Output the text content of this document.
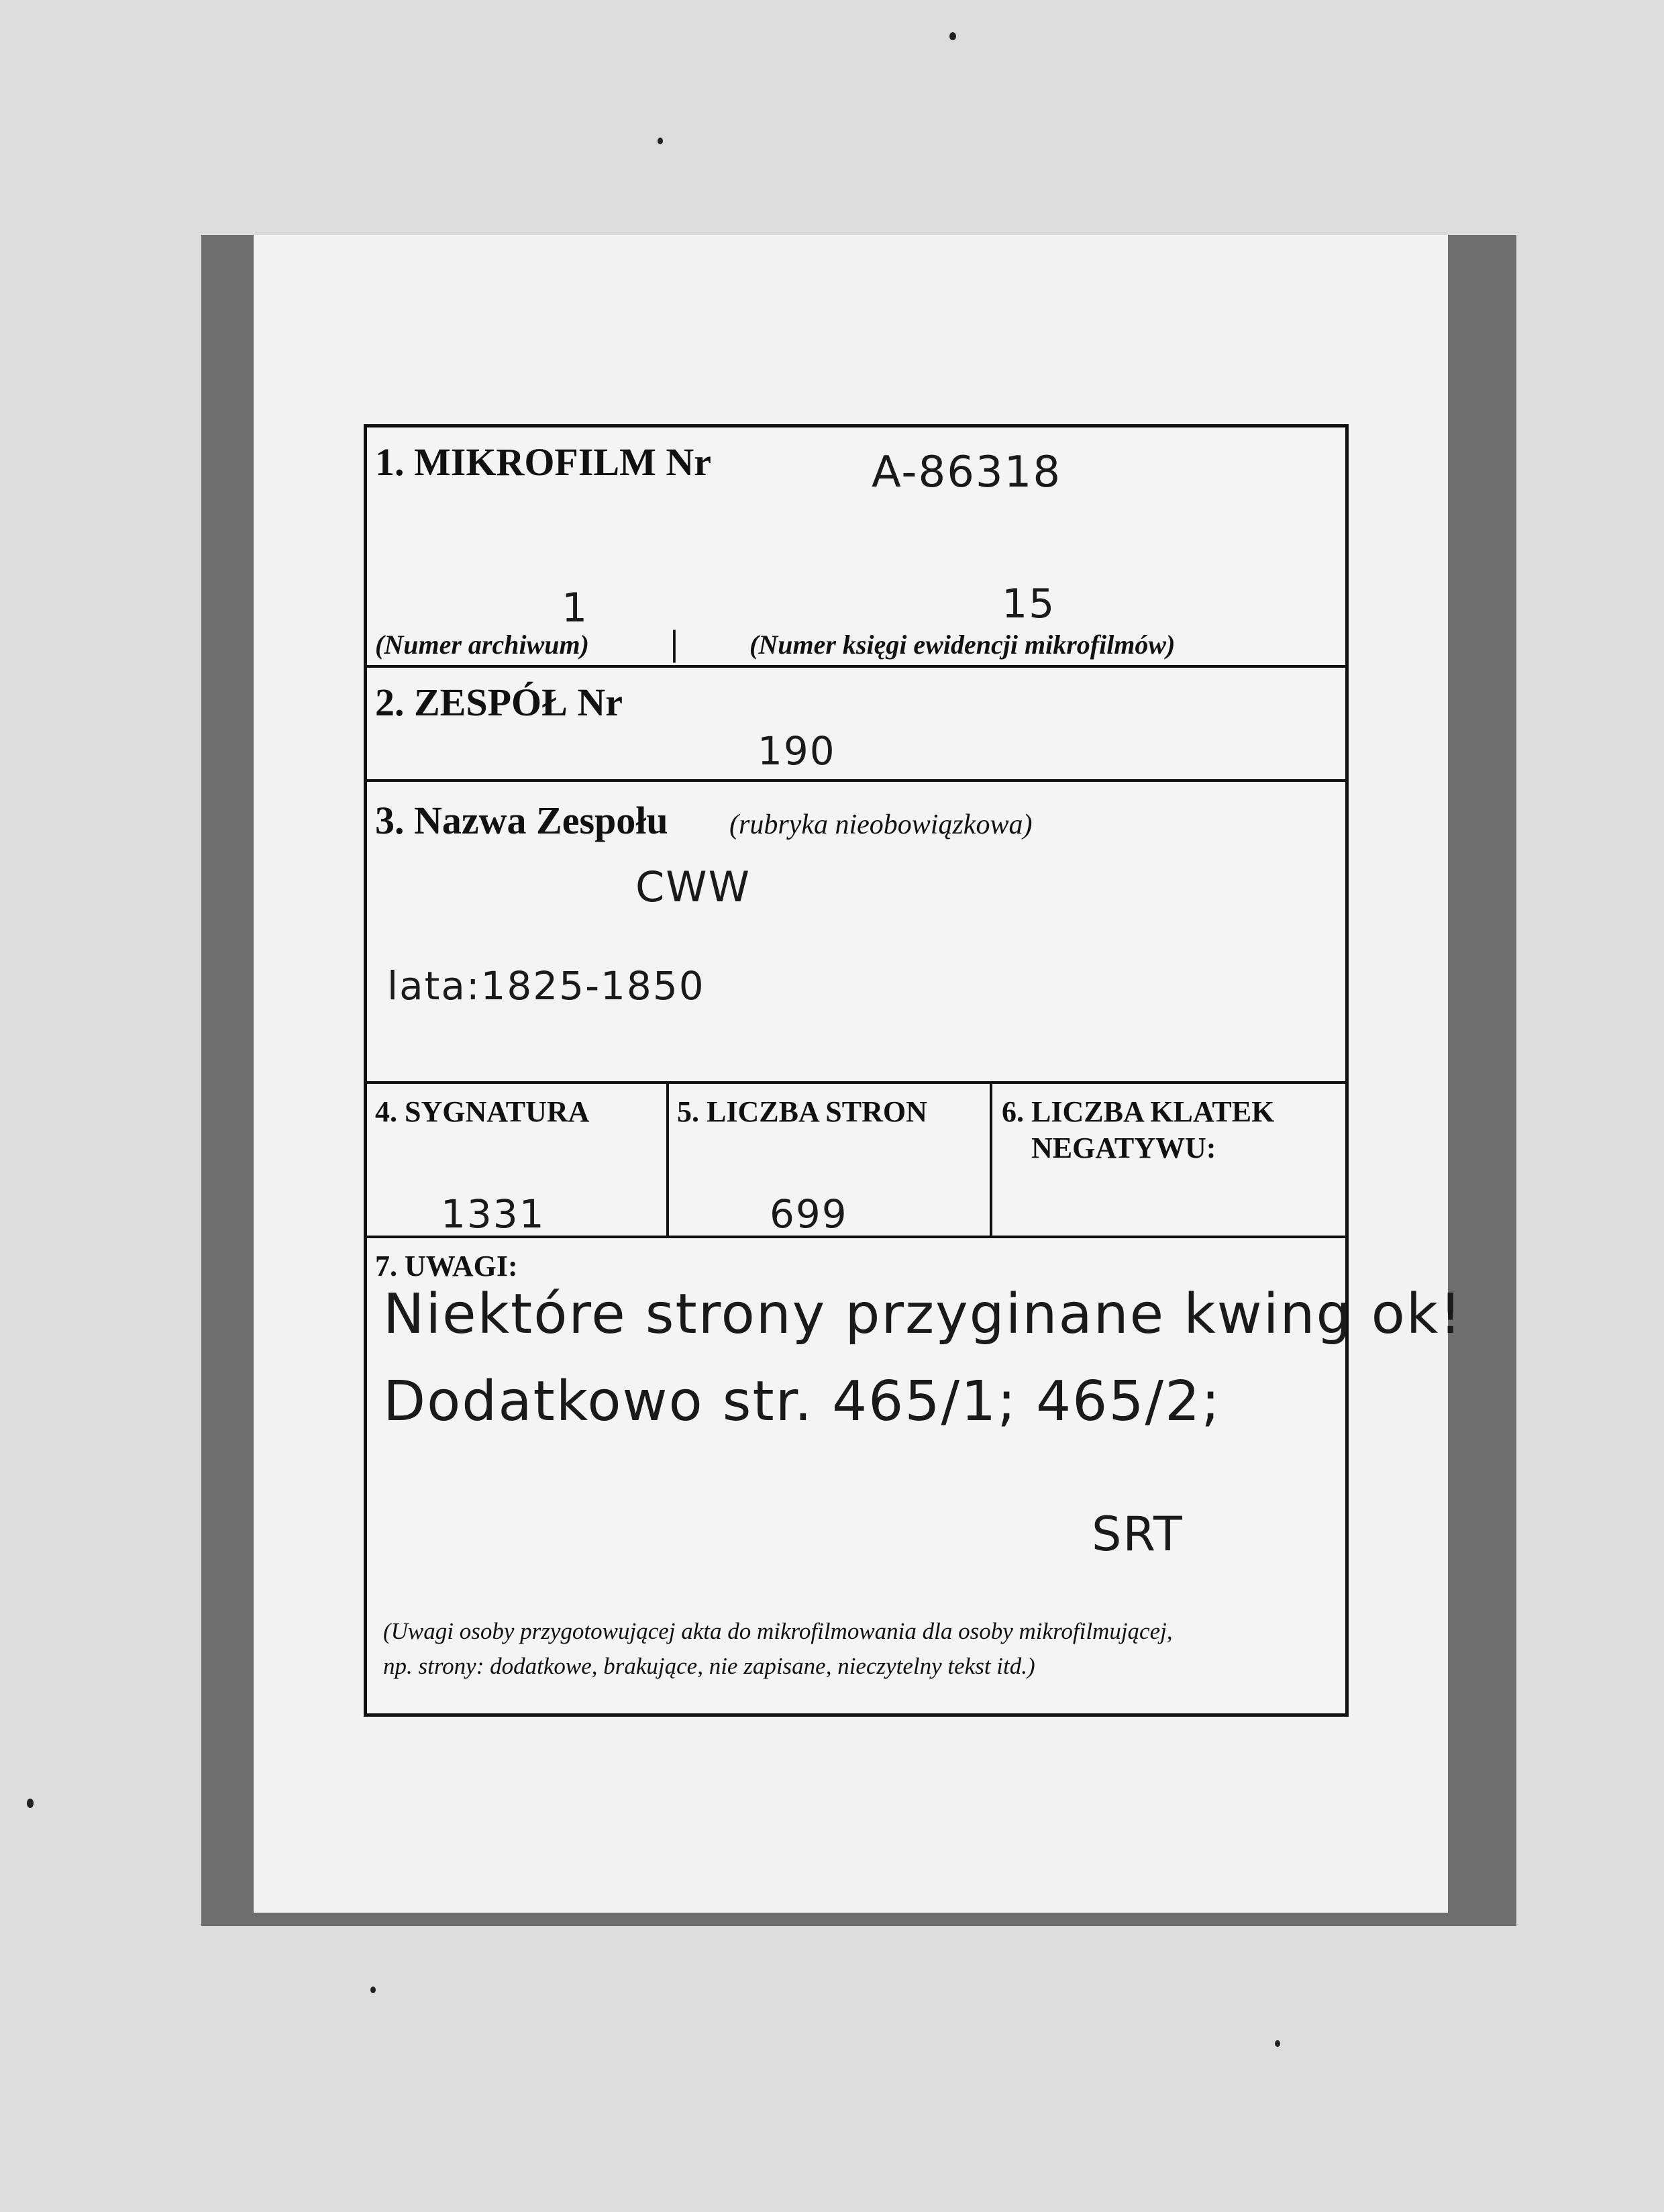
1. MIKROFILM Nr	A-86318
1
(Numer archiwum) |
15
(Numer księgi ewidencji mikrofilmów)
2. ZESPÓŁ Nr
190
3. Nazwa Zespołu (rubryka nieobowiązkowa)
CWW
lata:1825-1850
4. SYGNATURA
1331
5. LICZBA STRON
699
6. LICZBA KLATEK
NEGATYWU:
7. UWAGI:
Niektóre strony przyginane kwing ok!
Dodatkowo str. 465/1; 465/2;
SRT
(Uwagi osoby przygotowującej akta do mikrofilmowania dla osoby mikrofilmującej,
np. strony: dodatkowe, brakujące, nie zapisane, nieczytelny tekst itd.)
